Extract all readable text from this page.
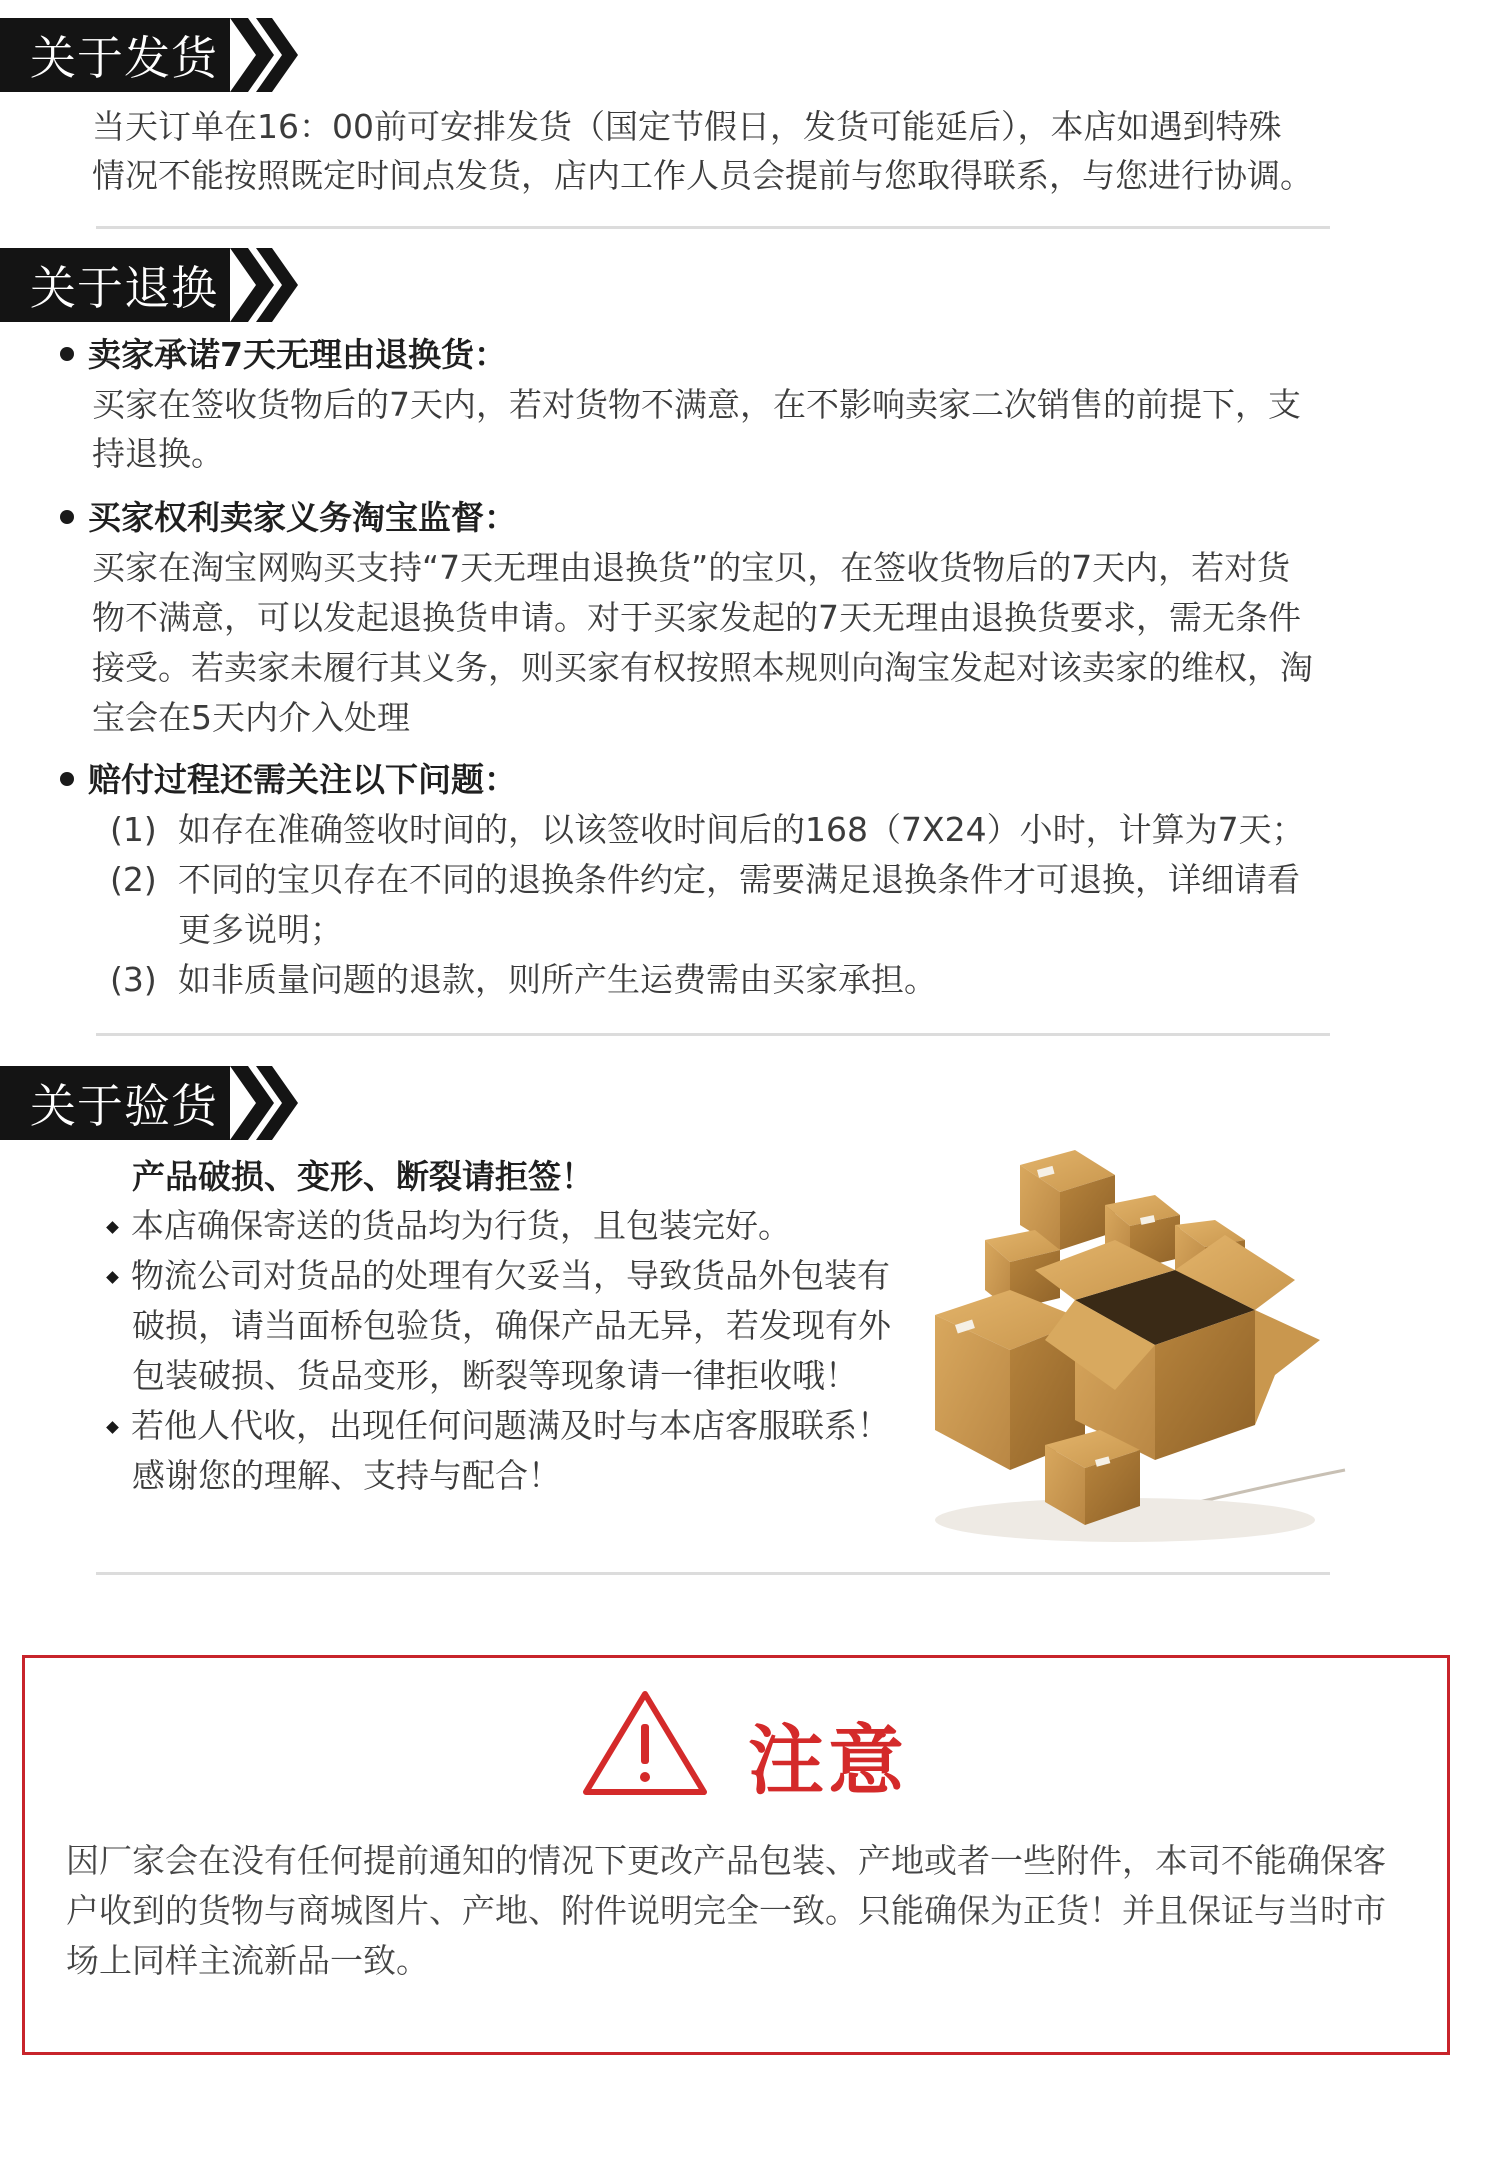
关于发货
当天订单在16：00前可安排发货（国定节假日，发货可能延后），本店如遇到特殊
情况不能按照既定时间点发货，店内工作人员会提前与您取得联系，与您进行协调。
关于退换
卖家承诺7天无理由退换货：
买家在签收货物后的7天内，若对货物不满意，在不影响卖家二次销售的前提下，支
持退换。
买家权利卖家义务淘宝监督：
买家在淘宝网购买支持“7天无理由退换货”的宝贝，在签收货物后的7天内，若对货
物不满意，可以发起退换货申请。对于买家发起的7天无理由退换货要求，需无条件
接受。若卖家未履行其义务，则买家有权按照本规则向淘宝发起对该卖家的维权，淘
宝会在5天内介入处理
赔付过程还需关注以下问题：
(1) 如存在准确签收时间的，以该签收时间后的168（7X24）小时，计算为7天；
(2) 不同的宝贝存在不同的退换条件约定，需要满足退换条件才可退换，详细请看
更多说明；
(3) 如非质量问题的退款，则所产生运费需由买家承担。
关于验货
产品破损、变形、断裂请拒签！
本店确保寄送的货品均为行货，且包装完好。
物流公司对货品的处理有欠妥当，导致货品外包装有
破损，请当面桥包验货，确保产品无异，若发现有外
包装破损、货品变形，断裂等现象请一律拒收哦！
若他人代收，出现任何问题满及时与本店客服联系！
感谢您的理解、支持与配合！
注意
因厂家会在没有任何提前通知的情况下更改产品包装、产地或者一些附件，本司不能确保客
户收到的货物与商城图片、产地、附件说明完全一致。只能确保为正货！并且保证与当时市
场上同样主流新品一致。
